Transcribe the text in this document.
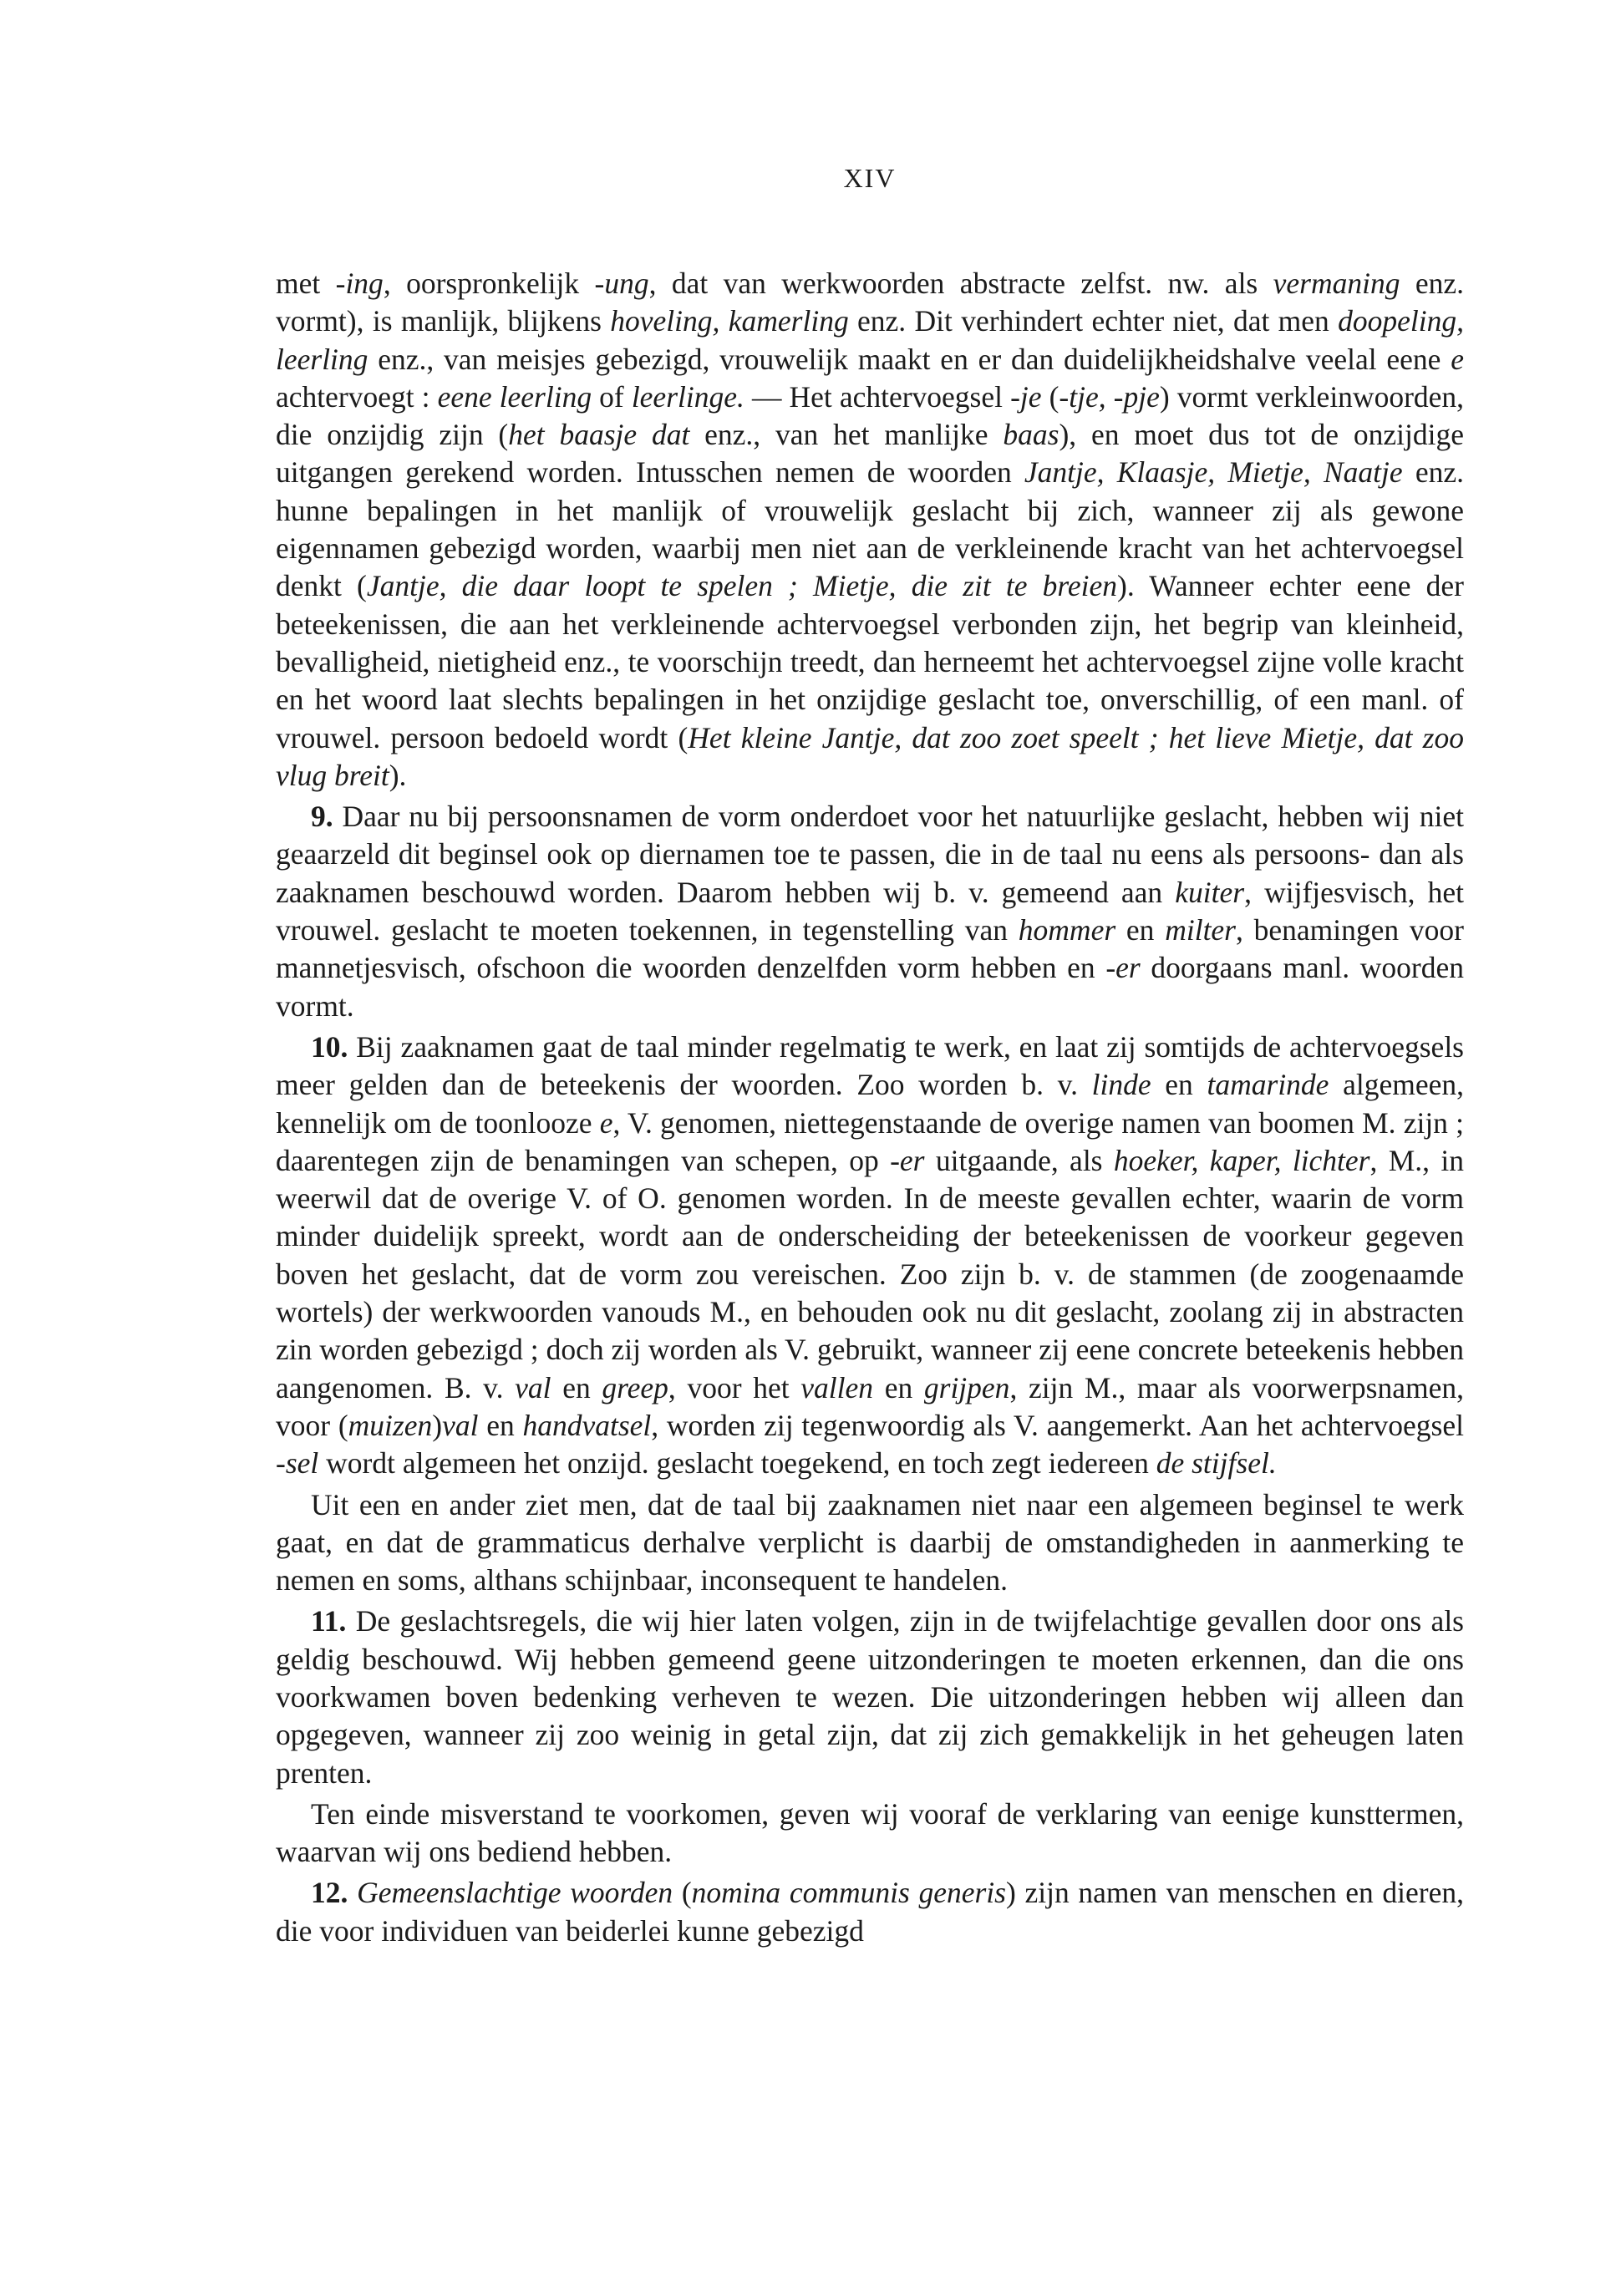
XIV

met -ing, oorspronkelijk -ung, dat van werkwoorden abstracte zelfst. nw. als vermaning enz. vormt), is manlijk, blijkens hoveling, kamerling enz. Dit verhindert echter niet, dat men doopeling, leerling enz., van meisjes gebezigd, vrouwelijk maakt en er dan duidelijkheidshalve veelal eene e achtervoegt : eene leerling of leerlinge. — Het achtervoegsel -je (-tje, -pje) vormt verkleinwoorden, die onzijdig zijn (het baasje dat enz., van het manlijke baas), en moet dus tot de onzijdige uitgangen gerekend worden. Intusschen nemen de woorden Jantje, Klaasje, Mietje, Naatje enz. hunne bepalingen in het manlijk of vrouwelijk geslacht bij zich, wanneer zij als gewone eigennamen gebezigd worden, waarbij men niet aan de verkleinende kracht van het achtervoegsel denkt (Jantje, die daar loopt te spelen ; Mietje, die zit te breien). Wanneer echter eene der beteekenissen, die aan het verkleinende achtervoegsel verbonden zijn, het begrip van kleinheid, bevalligheid, nietigheid enz., te voorschijn treedt, dan herneemt het achtervoegsel zijne volle kracht en het woord laat slechts bepalingen in het onzijdige geslacht toe, onverschillig, of een manl. of vrouwel. persoon bedoeld wordt (Het kleine Jantje, dat zoo zoet speelt ; het lieve Mietje, dat zoo vlug breit).

9. Daar nu bij persoonsnamen de vorm onderdoet voor het natuurlijke geslacht, hebben wij niet geaarzeld dit beginsel ook op diernamen toe te passen, die in de taal nu eens als persoons- dan als zaaknamen beschouwd worden. Daarom hebben wij b. v. gemeend aan kuiter, wijfjesvisch, het vrouwel. geslacht te moeten toekennen, in tegenstelling van hommer en milter, benamingen voor mannetjesvisch, ofschoon die woorden denzelfden vorm hebben en -er doorgaans manl. woorden vormt.

10. Bij zaaknamen gaat de taal minder regelmatig te werk, en laat zij somtijds de achtervoegsels meer gelden dan de beteekenis der woorden. Zoo worden b. v. linde en tamarinde algemeen, kennelijk om de toonlooze e, V. genomen, niettegenstaande de overige namen van boomen M. zijn ; daarentegen zijn de benamingen van schepen, op -er uitgaande, als hoeker, kaper, lichter, M., in weerwil dat de overige V. of O. genomen worden. In de meeste gevallen echter, waarin de vorm minder duidelijk spreekt, wordt aan de onderscheiding der beteekenissen de voorkeur gegeven boven het geslacht, dat de vorm zou vereischen. Zoo zijn b. v. de stammen (de zoogenaamde wortels) der werkwoorden vanouds M., en behouden ook nu dit geslacht, zoolang zij in abstracten zin worden gebezigd ; doch zij worden als V. gebruikt, wanneer zij eene concrete beteekenis hebben aangenomen. B. v. val en greep, voor het vallen en grijpen, zijn M., maar als voorwerpsnamen, voor (muizen)val en handvatsel, worden zij tegenwoordig als V. aangemerkt. Aan het achtervoegsel -sel wordt algemeen het onzijd. geslacht toegekend, en toch zegt iedereen de stijfsel.

Uit een en ander ziet men, dat de taal bij zaaknamen niet naar een algemeen beginsel te werk gaat, en dat de grammaticus derhalve verplicht is daarbij de omstandigheden in aanmerking te nemen en soms, althans schijnbaar, inconsequent te handelen.

11. De geslachtsregels, die wij hier laten volgen, zijn in de twijfelachtige gevallen door ons als geldig beschouwd. Wij hebben gemeend geene uitzonderingen te moeten erkennen, dan die ons voorkwamen boven bedenking verheven te wezen. Die uitzonderingen hebben wij alleen dan opgegeven, wanneer zij zoo weinig in getal zijn, dat zij zich gemakkelijk in het geheugen laten prenten.

Ten einde misverstand te voorkomen, geven wij vooraf de verklaring van eenige kunsttermen, waarvan wij ons bediend hebben.

12. Gemeenslachtige woorden (nomina communis generis) zijn namen van menschen en dieren, die voor individuen van beiderlei kunne gebezigd
